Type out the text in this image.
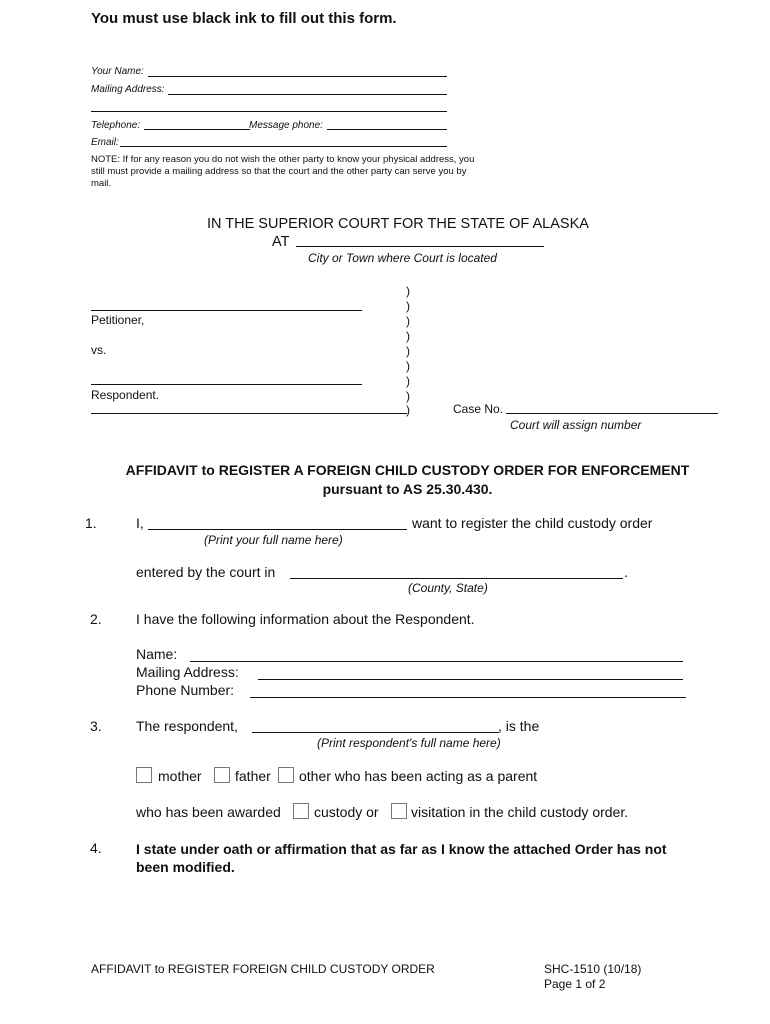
You must use black ink to fill out this form.
Your Name:
Mailing Address:
Telephone:	Message phone:
Email:
NOTE: If for any reason you do not wish the other party to know your physical address, you
still must provide a mailing address so that the court and the other party can serve you by
mail.
IN THE SUPERIOR COURT FOR THE STATE OF ALASKA
AT
City or Town where Court is located
Petitioner,
vs.
Respondent.
)
)
)
)
)
)
)
)
)	Case No.
Court will assign number
AFFIDAVIT to REGISTER A FOREIGN CHILD CUSTODY ORDER FOR ENFORCEMENT
pursuant to AS 25.30.430.
1.	I,	want to register the child custody order
(Print your full name here)
entered by the court in	.
(County, State)
2. I have the following information about the Respondent.
Name:
Mailing Address:
Phone Number:
3. The respondent,	, is the
(Print respondent's full name here)
mother father other who has been acting as a parent
who has been awarded custody or visitation in the child custody order.
4. I state under oath or affirmation that as far as I know the attached Order has not
been modified.
AFFIDAVIT to REGISTER FOREIGN CHILD CUSTODY ORDER	SHC-1510 (10/18)
Page 1 of 2
